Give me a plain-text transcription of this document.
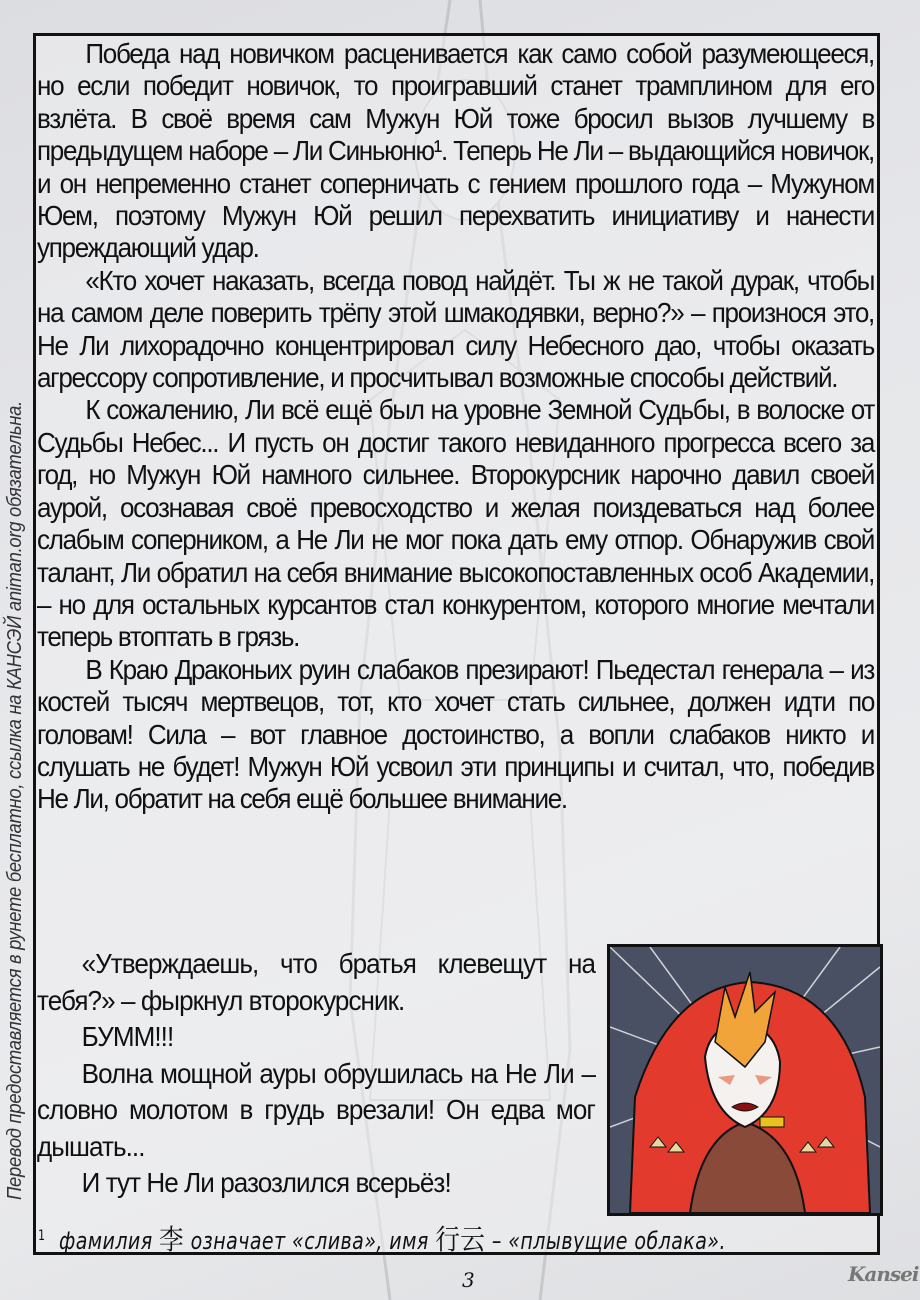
Перевод предоставляется в рунете бесплатно, ссылка на КАНСЭЙ animan.org обязательна.

Победа над новичком расценивается как само собой разумеющееся, но если победит новичок, то проигравший станет трамплином для его взлёта. В своё время сам Мужун Юй тоже бросил вызов лучшему в предыдущем наборе – Ли Синьюню¹. Теперь Не Ли – выдающийся новичок, и он непременно станет соперничать с гением прошлого года – Мужуном Юем, поэтому Мужун Юй решил перехватить инициативу и нанести упреждающий удар.

«Кто хочет наказать, всегда повод найдёт. Ты ж не такой дурак, чтобы на самом деле поверить трёпу этой шмакодявки, верно?» – произнося это, Не Ли лихорадочно концентрировал силу Небесного дао, чтобы оказать агрессору сопротивление, и просчитывал возможные способы действий.

К сожалению, Ли всё ещё был на уровне Земной Судьбы, в волоске от Судьбы Небес... И пусть он достиг такого невиданного прогресса всего за год, но Мужун Юй намного сильнее. Второкурсник нарочно давил своей аурой, осознавая своё превосходство и желая поиздеваться над более слабым соперником, а Не Ли не мог пока дать ему отпор. Обнаружив свой талант, Ли обратил на себя внимание высокопоставленных особ Академии, – но для остальных курсантов стал конкурентом, которого многие мечтали теперь втоптать в грязь.

В Краю Драконьих руин слабаков презирают! Пьедестал генерала – из костей тысяч мертвецов, тот, кто хочет стать сильнее, должен идти по головам! Сила – вот главное достоинство, а вопли слабаков никто и слушать не будет! Мужун Юй усвоил эти принципы и считал, что, победив Не Ли, обратит на себя ещё большее внимание.

«Утверждаешь, что братья клевещут на тебя?» – фыркнул второкурсник.

БУММ!!!

Волна мощной ауры обрушилась на Не Ли – словно молотом в грудь врезали! Он едва мог дышать...

И тут Не Ли разозлился всерьёз!

$^1$ фамилия 李 означает «слива», имя 行云 – «плывущие облака».
3	Kansei
